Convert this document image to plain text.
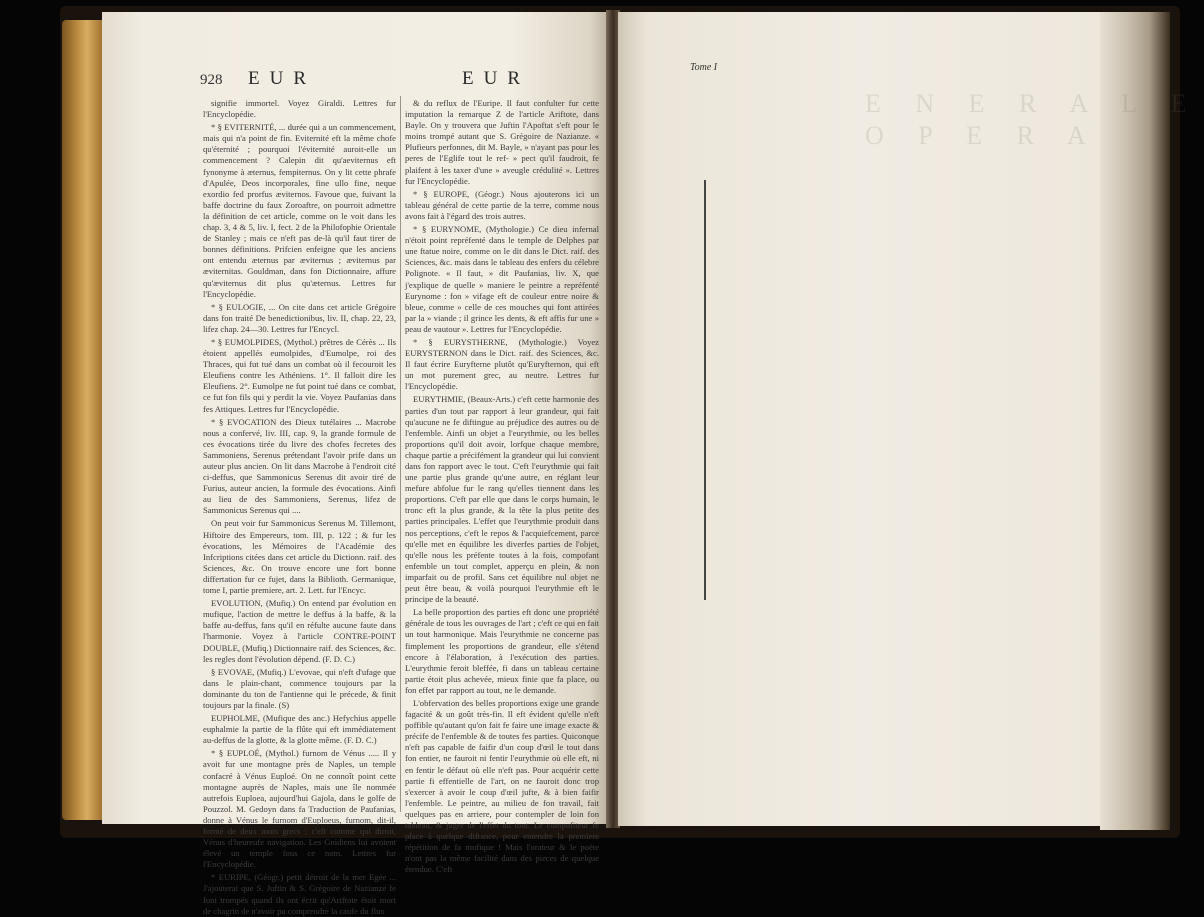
928 EUR	EUR

signifie immortel. Voyez Giraldi. Lettres fur l'Encyclopédie.

* § EVITERNITÉ, ... durée qui a un commencement, mais qui n'a point de fin. Eviternité eft la même chofe qu'éternité ; pourquoi l'éviternité auroit-elle un commencement ? Calepin dit qu'aeviternus eft fynonyme à æternus, fempiternus. On y lit cette phrafe d'Apulée, Deos incorporales, fine ullo fine, neque exordio fed prorfus æviternos. Favoue que, fuivant la baffe doctrine du faux Zoroaftre, on pourroit admettre la définition de cet article, comme on le voit dans les chap. 3, 4 & 5, liv. I, fect. 2 de la Philofophie Orientale de Stanley ; mais ce n'eft pas de-là qu'il faut tirer de bonnes définitions. Prifcien enfeigne que les anciens ont entendu æternus par æviternus ; æviternus par æviternitas. Gouldman, dans fon Dictionnaire, affure qu'æviternus dit plus qu'æternus. Lettres fur l'Encyclopédie.

* § EULOGIE, ... On cite dans cet article Grégoire dans fon traité De benedictionibus, liv. II, chap. 22, 23, lifez chap. 24—30. Lettres fur l'Encycl.

* § EUMOLPIDES, (Mythol.) prêtres de Cérès ... Ils étoient appellés eumolpides, d'Eumolpe, roi des Thraces, qui fut tué dans un combat où il fecouroit les Eleufiens contre les Athéniens. 1°. Il falloit dire les Eleufiens. 2°. Eumolpe ne fut point tué dans ce combat, ce fut fon fils qui y perdit la vie. Voyez Paufanias dans fes Attiques. Lettres fur l'Encyclopédie.

* § EVOCATION des Dieux tutélaires ... Macrobe nous a confervé, liv. III, cap. 9, la grande formule de ces évocations tirée du livre des chofes fecretes des Sammoniens, Serenus prétendant l'avoir prife dans un auteur plus ancien. On lit dans Macrobe à l'endroit cité ci-deffus, que Sammonicus Serenus dit avoir tiré de Furius, auteur ancien, la formule des évocations. Ainfi au lieu de des Sammoniens, Serenus, lifez de Sammonicus Serenus qui ....

On peut voir fur Sammonicus Serenus M. Tillemont, Hiftoire des Empereurs, tom. III, p. 122 ; & fur les évocations, les Mémoires de l'Académie des Infcriptions citées dans cet article du Dictionn. raif. des Sciences, &c. On trouve encore une fort bonne differtation fur ce fujet, dans la Biblioth. Germanique, tome I, partie premiere, art. 2. Lett. fur l'Encyc.

EVOLUTION, (Mufiq.) On entend par évolution en mufique, l'action de mettre le deffus à la baffe, & la baffe au-deffus, fans qu'il en réfulte aucune faute dans l'harmonie. Voyez à l'article CONTRE-POINT DOUBLE, (Mufiq.) Dictionnaire raif. des Sciences, &c. les regles dont l'évolution dépend. (F. D. C.)

§ EVOVAE, (Mufiq.) L'evovae, qui n'eft d'ufage que dans le plain-chant, commence toujours par la dominante du ton de l'antienne qui le précede, & finit toujours par la finale. (S)

EUPHOLME, (Mufique des anc.) Hefychius appelle euphalmie la partie de la flûte qui eft immédiatement au-deffus de la glotte, & la glotte même. (F. D. C.)

* § EUPLOÉ, (Mythol.) furnom de Vénus ..... Il y avoit fur une montagne près de Naples, un temple confacré à Vénus Euploé. On ne connoît point cette montagne auprès de Naples, mais une île nommée autrefois Euploea, aujourd'hui Gajola, dans le golfe de Pouzzol. M. Gedoyn dans fa Traduction de Paufanias, donne à Vénus le furnom d'Euploeus, furnom, dit-il, formé de deux mots grecs ; c'eft comme qui diroit, Vénus d'heureufe navigation. Les Gnidiens lui avoient élevé un temple fous ce nom. Lettres fur l'Encyclopédie.

* EURIPE, (Géogr.) petit détroit de la mer Egée ... J'ajouterai que S. Juftin & S. Grégoire de Nazianze fe font trompés quand ils ont écrit qu'Ariftote étoit mort de chagrin de n'avoir pu comprendre la caufe du flux

& du reflux de l'Euripe. Il faut confulter fur cette imputation la remarque Z de l'article Ariftote, dans Bayle. On y trouvera que Juftin l'Apoftat s'eft pour le moins trompé autant que S. Grégoire de Nazianze. « Plufieurs perfonnes, dit M. Bayle, » n'ayant pas pour les peres de l'Eglife tout le ref- » pect qu'il faudroit, fe plaifent à les taxer d'une » aveugle crédulité ». Lettres fur l'Encyclopédie.

* § EUROPE, (Géogr.) Nous ajouterons ici un tableau général de cette partie de la terre, comme nous avons fait à l'égard des trois autres.

* § EURYNOME, (Mythologie.) Ce dieu infernal n'étoit point repréfenté dans le temple de Delphes par une ftatue noire, comme on le dit dans le Dict. raif. des Sciences, &c. mais dans le tableau des enfers du célebre Polignote. « Il faut, » dit Paufanias, liv. X, que j'explique de quelle » maniere le peintre a repréfenté Eurynome : fon » vifage eft de couleur entre noire & bleue, comme » celle de ces mouches qui font attirées par la » viande ; il grince les dents, & eft affis fur une » peau de vautour ». Lettres fur l'Encyclopédie.

* § EURYSTHERNE, (Mythologie.) Voyez EURYSTERNON dans le Dict. raif. des Sciences, &c. Il faut écrire Euryfterne plutôt qu'Euryfternon, qui eft un mot purement grec, au neutre. Lettres fur l'Encyclopédie.

EURYTHMIE, (Beaux-Arts.) c'eft cette harmonie des parties d'un tout par rapport à leur grandeur, qui fait qu'aucune ne fe diftingue au préjudice des autres ou de l'enfemble. Ainfi un objet a l'eurythmie, ou les belles proportions qu'il doit avoir, lorfque chaque membre, chaque partie a précifément la grandeur qui lui convient dans fon rapport avec le tout. C'eft l'eurythmie qui fait une partie plus grande qu'une autre, en réglant leur mefure abfolue fur le rang qu'elles tiennent dans les proportions. C'eft par elle que dans le corps humain, le tronc eft la plus grande, & la tête la plus petite des parties principales. L'effet que l'eurythmie produit dans nos perceptions, c'eft le repos & l'acquiefcement, parce qu'elle met en équilibre les diverfes parties de l'objet, qu'elle nous les préfente toutes à la fois, compofant enfemble un tout complet, apperçu en plein, & non imparfait ou de profil. Sans cet équilibre nul objet ne peut être beau, & voilà pourquoi l'eurythmie eft le principe de la beauté.

La belle proportion des parties eft donc une propriété générale de tous les ouvrages de l'art ; c'eft ce qui en fait un tout harmonique. Mais l'eurythmie ne concerne pas fimplement les proportions de grandeur, elle s'étend encore à l'élaboration, à l'exécution des parties. L'eurythmie feroit bleffée, fi dans un tableau certaine partie étoit plus achevée, mieux finie que fa place, ou fon effet par rapport au tout, ne le demande.

L'obfervation des belles proportions exige une grande fagacité & un goût très-fin. Il eft évident qu'elle n'eft poffible qu'autant qu'on fait fe faire une image exacte & précife de l'enfemble & de toutes fes parties. Quiconque n'eft pas capable de faifir d'un coup d'œil le tout dans fon entier, ne fauroit ni fentir l'eurythmie où elle eft, ni en fentir le défaut où elle n'eft pas. Pour acquérir cette partie fi effentielle de l'art, on ne fauroit donc trop s'exercer à avoir le coup d'œil jufte, & à bien faifir l'enfemble. Le peintre, au milieu de fon travail, fait quelques pas en arriere, pour contempler de loin fon tableau, & juger de l'effet du tout. Le compofiteur fe place à quelque diftance, pour entendre la premiere répétition de fa mufique ! Mais l'orateur & le poëte n'ont pas la même facilité dans des pieces de quelque étendue. C'eft

Tome I
E N E R A L E
O P E R A
